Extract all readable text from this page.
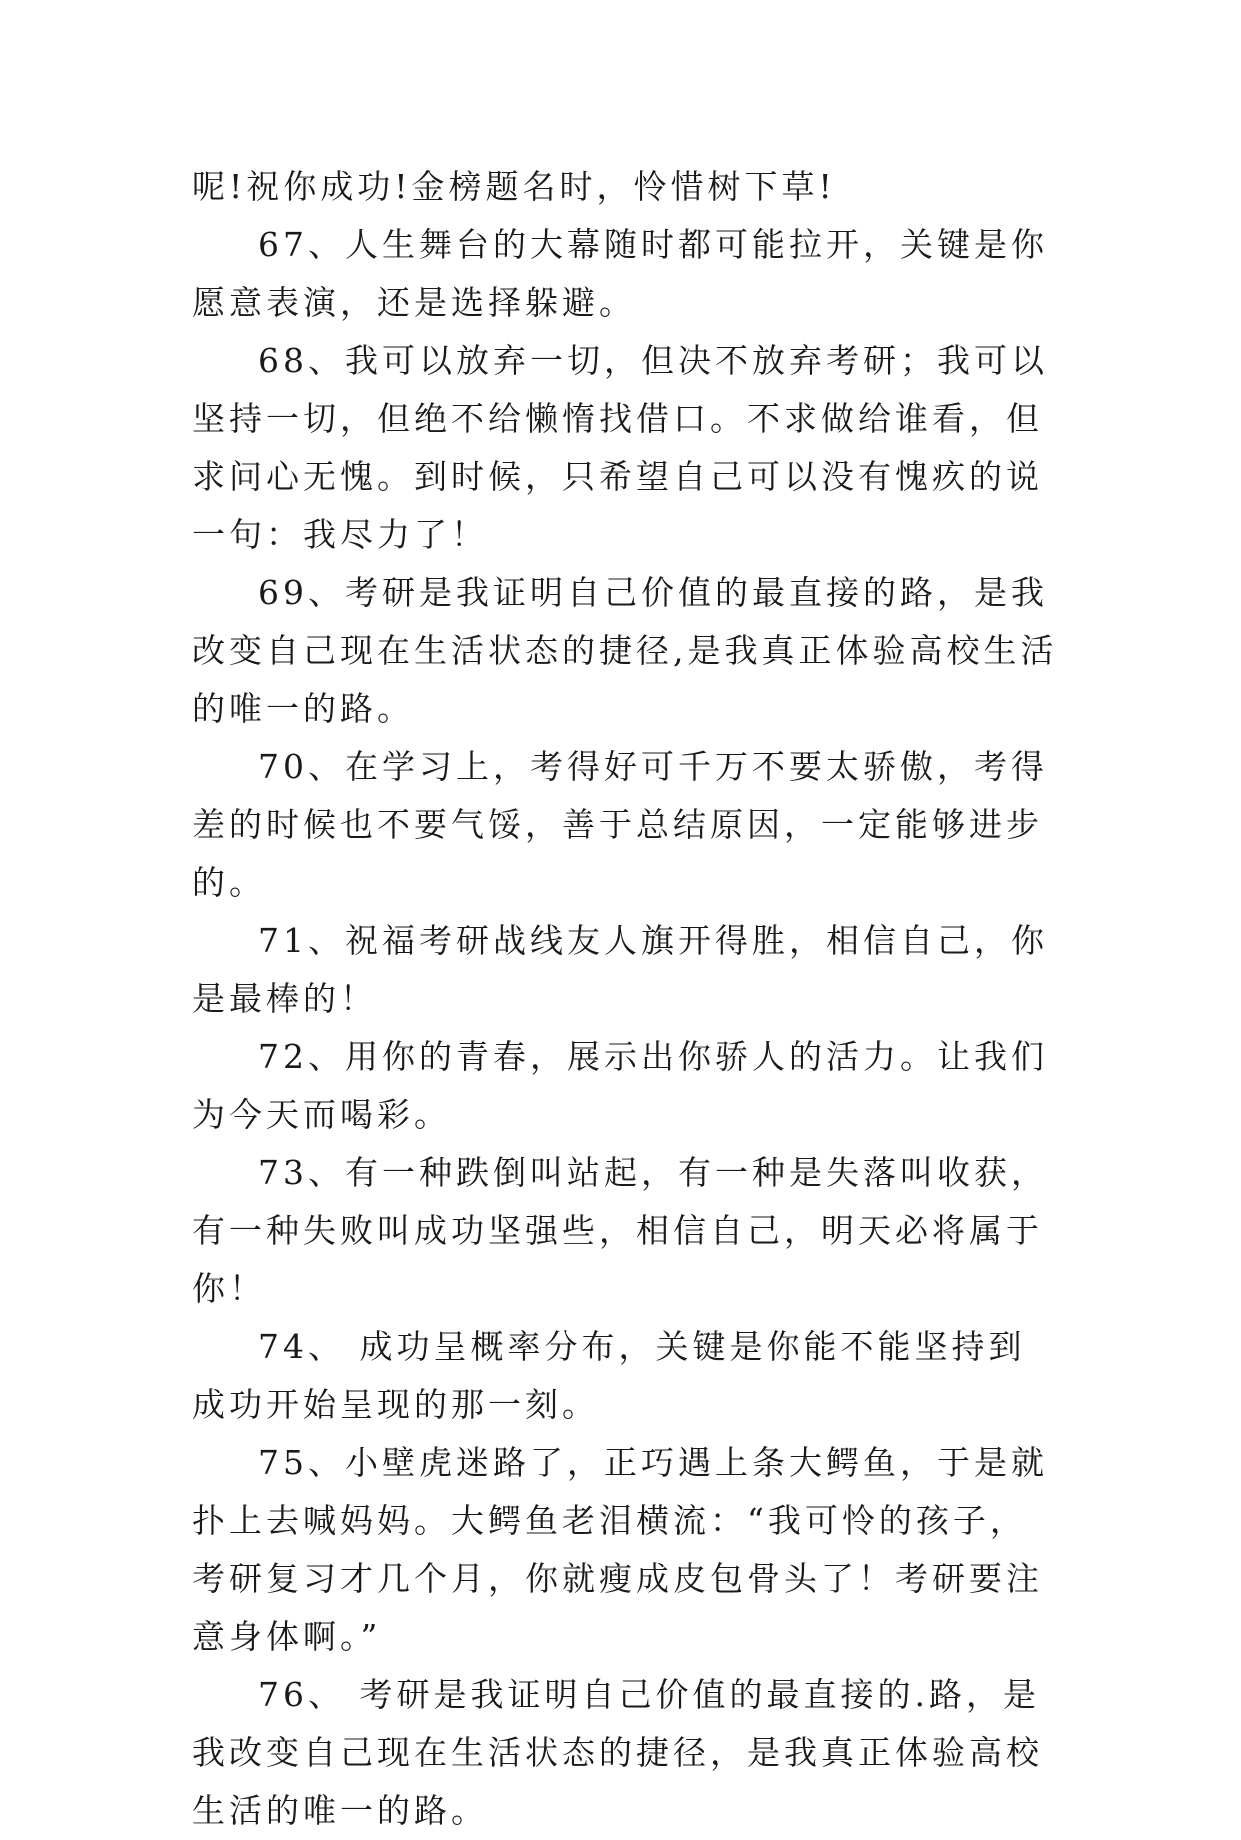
呢!祝你成功!金榜题名时，怜惜树下草!

67、人生舞台的大幕随时都可能拉开，关键是你愿意表演，还是选择躲避。

68、我可以放弃一切，但决不放弃考研；我可以坚持一切，但绝不给懒惰找借口。不求做给谁看，但求问心无愧。到时候，只希望自己可以没有愧疚的说一句：我尽力了！

69、考研是我证明自己价值的最直接的路，是我改变自己现在生活状态的捷径,是我真正体验高校生活的唯一的路。

70、在学习上，考得好可千万不要太骄傲，考得差的时候也不要气馁，善于总结原因，一定能够进步的。

71、祝福考研战线友人旗开得胜，相信自己，你是最棒的！

72、用你的青春，展示出你骄人的活力。让我们为今天而喝彩。

73、有一种跌倒叫站起，有一种是失落叫收获，有一种失败叫成功坚强些，相信自己，明天必将属于你！

74、 成功呈概率分布，关键是你能不能坚持到成功开始呈现的那一刻。

75、小壁虎迷路了，正巧遇上条大鳄鱼，于是就扑上去喊妈妈。大鳄鱼老泪横流：“我可怜的孩子，考研复习才几个月，你就瘦成皮包骨头了！考研要注意身体啊。”

76、 考研是我证明自己价值的最直接的.路，是我改变自己现在生活状态的捷径，是我真正体验高校生活的唯一的路。
